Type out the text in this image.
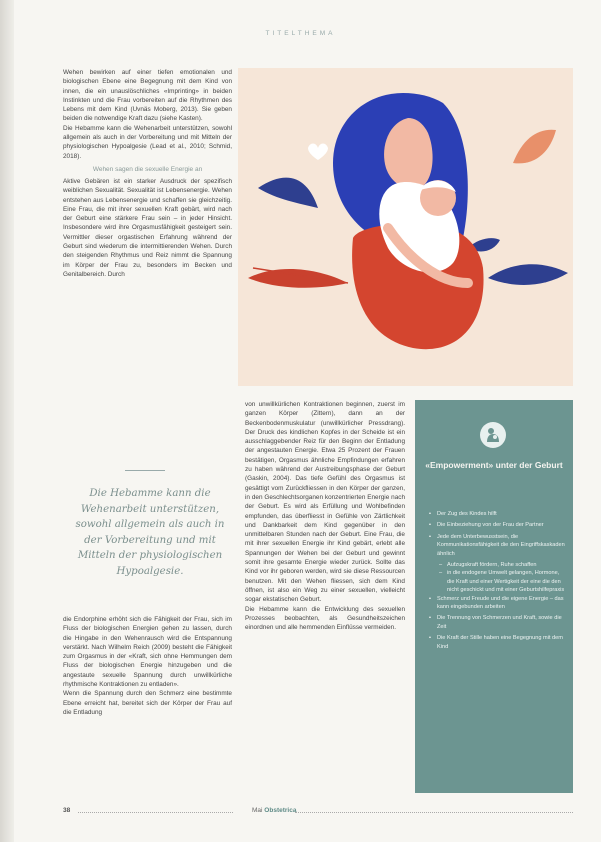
TITELTHEMA

Wehen bewirken auf einer tiefen emotionalen und biologischen Ebene eine Begegnung mit dem Kind von innen, die ein unauslöschliches «Imprinting» in beiden Instinkten und die Frau vorbereiten auf die Rhythmen des Lebens mit dem Kind (Uvnäs Moberg, 2013). Sie geben beiden die notwendige Kraft dazu (siehe Kasten).

Die Hebamme kann die Wehenarbeit unterstützen, sowohl allgemein als auch in der Vorbereitung und mit Mitteln der physiologischen Hypoalgesie (Lead et al., 2010; Schmid, 2018).

Wehen sagen die sexuelle Energie an

Aktive Gebären ist ein starker Ausdruck der spezifisch weiblichen Sexualität. Sexualität ist Lebensenergie. Wehen entstehen aus Lebensenergie und schaffen sie gleichzeitig. Eine Frau, die mit ihrer sexuellen Kraft gebärt, wird nach der Geburt eine stärkere Frau sein – in jeder Hinsicht. Insbesondere wird ihre Orgasmusfähigkeit gesteigert sein. Vermittler dieser orgastischen Erfahrung während der Geburt sind wiederum die intermittierenden Wehen. Durch den steigenden Rhythmus und Reiz nimmt die Spannung im Körper der Frau zu, besonders im Becken und Genitalbereich. Durch

Die Hebamme kann die Wehenarbeit unterstützen, sowohl allgemein als auch in der Vorbereitung und mit Mitteln der physiologischen Hypoalgesie.

die Endorphine erhöht sich die Fähigkeit der Frau, sich im Fluss der biologischen Energien gehen zu lassen, durch die Hingabe in den Wehenrausch wird die Entspannung verstärkt. Nach Wilhelm Reich (2009) besteht die Fähigkeit zum Orgasmus in der «Kraft, sich ohne Hemmungen dem Fluss der biologischen Energie hinzugeben und die angestaute sexuelle Spannung durch unwillkürliche rhythmische Kontraktionen zu entladen».

Wenn die Spannung durch den Schmerz eine bestimmte Ebene erreicht hat, bereitet sich der Körper der Frau auf die Entladung

von unwillkürlichen Kontraktionen beginnen, zuerst im ganzen Körper (Zittern), dann an der Beckenbodenmuskulatur (unwillkürlicher Pressdrang). Der Druck des kindlichen Kopfes in der Scheide ist ein ausschlaggebender Reiz für den Beginn der Entladung der angestauten Energie. Etwa 25 Prozent der Frauen bestätigen, Orgasmus ähnliche Empfindungen erfahren zu haben während der Austreibungsphase der Geburt (Gaskin, 2004). Das tiefe Gefühl des Orgasmus ist gesättigt vom Zurückfliessen in den Körper der ganzen, in den Geschlechtsorganen konzentrierten Energie nach der Geburt. Es wird als Erfüllung und Wohlbefinden empfunden, das überfliesst in Gefühle von Zärtlichkeit und Dankbarkeit dem Kind gegenüber in den unmittelbaren Stunden nach der Geburt. Eine Frau, die mit ihrer sexuellen Energie ihr Kind gebärt, erlebt alle Spannungen der Wehen bei der Geburt und gewinnt somit ihre gesamte Energie wieder zurück. Sollte das Kind vor ihr geboren werden, wird sie diese Ressourcen benutzen. Mit den Wehen fliessen, sich dem Kind öffnen, ist also ein Weg zu einer sexuellen, vielleicht sogar ekstatischen Geburt.

Die Hebamme kann die Entwicklung des sexuellen Prozesses beobachten, als Gesundheitszeichen einordnen und alle hemmenden Einflüsse vermeiden.

«Empowerment» unter der Geburt
• Der Zug des Kindes hilft
• Die Einbeziehung von der Frau der Partner
• Jede dem Unterbewusstsein, die Kommunikationsfähigkeit die den Eingriffskaskaden ähnlich
– Aufzugskraft fördern, Ruhe schaffen
– in die endogene Umwelt gelangen, Hormone, die Kraft und einer Wertigkeit der eine die den nicht geschickt und mit einer Geburtshilfepraxis
• Schmerz und Freude und die eigene Energie – das kann eingebunden arbeiten
• Die Trennung von Schmerzen und Kraft, sowie die Zeit
• Die Kraft der Stille haben eine Begegnung mit dem Kind
38	Mai Obstetrica
